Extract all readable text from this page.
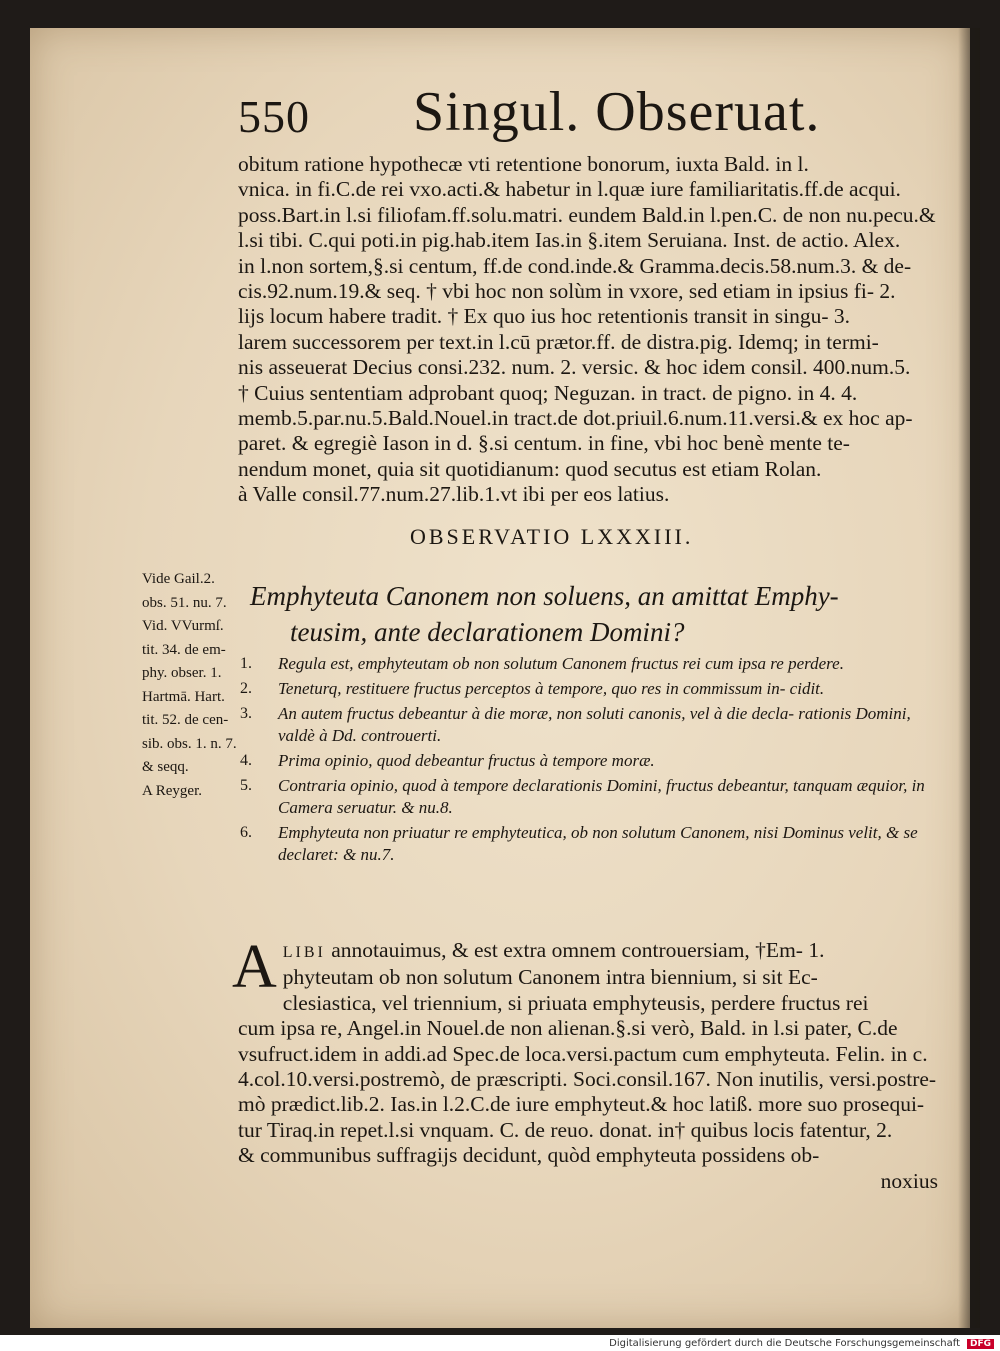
550 Singul. Obseruat.
obitum ratione hypothecæ vti retentione bonorum, iuxta Bald. in l.
vnica. in fi.C.de rei vxo.acti.& habetur in l.quæ iure familiaritatis.ff.de acqui.
poss.Bart.in l.si filiofam.ff.solu.matri. eundem Bald.in l.pen.C. de non nu.pecu.&
l.si tibi. C.qui poti.in pig.hab.item Ias.in §.item Seruiana. Inst. de actio. Alex.
in l.non sortem,§.si centum, ff.de cond.inde.& Gramma.decis.58.num.3. & de-
cis.92.num.19.& seq. † vbi hoc non solùm in vxore, sed etiam in ipsius fi- 2.
lijs locum habere tradit. † Ex quo ius hoc retentionis transit in singu- 3.
larem successorem per text.in l.cū prætor.ff. de distra.pig. Idemq; in termi-
nis asseuerat Decius consi.232. num. 2. versic. & hoc idem consil. 400.num.5.
† Cuius sententiam adprobant quoq; Neguzan. in tract. de pigno. in 4. 4.
memb.5.par.nu.5.Bald.Nouel.in tract.de dot.priuil.6.num.11.versi.& ex hoc ap-
paret. & egregiè Iason in d. §.si centum. in fine, vbi hoc benè mente te-
nendum monet, quia sit quotidianum: quod secutus est etiam Rolan.
à Valle consil.77.num.27.lib.1.vt ibi per eos latius.
OBSERVATIO LXXXIII.
Vide Gail.2.
obs. 51. nu. 7.
Vid. VVurmſ.
tit. 34. de em-
phy. obser. 1.
Hartmā. Hart.
tit. 52. de cen-
sib. obs. 1. n. 7.
& seqq.
A Reyger.
Emphyteuta Canonem non soluens, an amittat Emphy-
teusim, ante declarationem Domini?
1. Regula est, emphyteutam ob non solutum Canonem fructus rei cum ipsa re perdere.
2. Teneturq, restituere fructus perceptos à tempore, quo res in commissum in- cidit.
3. An autem fructus debeantur à die moræ, non soluti canonis, vel à die decla- rationis Domini, valdè à Dd. controuerti.
4. Prima opinio, quod debeantur fructus à tempore moræ.
5. Contraria opinio, quod à tempore declarationis Domini, fructus debeantur, tanquam æquior, in Camera seruatur. & nu.8.
6. Emphyteuta non priuatur re emphyteutica, ob non solutum Canonem, nisi Dominus velit, & se declaret: & nu.7.
A LIBI annotauimus, & est extra omnem controuersiam, †Em- 1.
phyteutam ob non solutum Canonem intra biennium, si sit Ec-
clesiastica, vel triennium, si priuata emphyteusis, perdere fructus rei
cum ipsa re, Angel.in Nouel.de non alienan.§.si verò, Bald. in l.si pater, C.de
vsufruct.idem in addi.ad Spec.de loca.versi.pactum cum emphyteuta. Felin. in c.
4.col.10.versi.postremò, de præscripti. Soci.consil.167. Non inutilis, versi.postre-
mò prædict.lib.2. Ias.in l.2.C.de iure emphyteut.& hoc latiß. more suo prosequi-
tur Tiraq.in repet.l.si vnquam. C. de reuo. donat. in† quibus locis fatentur, 2.
& communibus suffragijs decidunt, quòd emphyteuta possidens ob-
noxius
Digitalisierung gefördert durch die Deutsche Forschungsgemeinschaft	DFG
